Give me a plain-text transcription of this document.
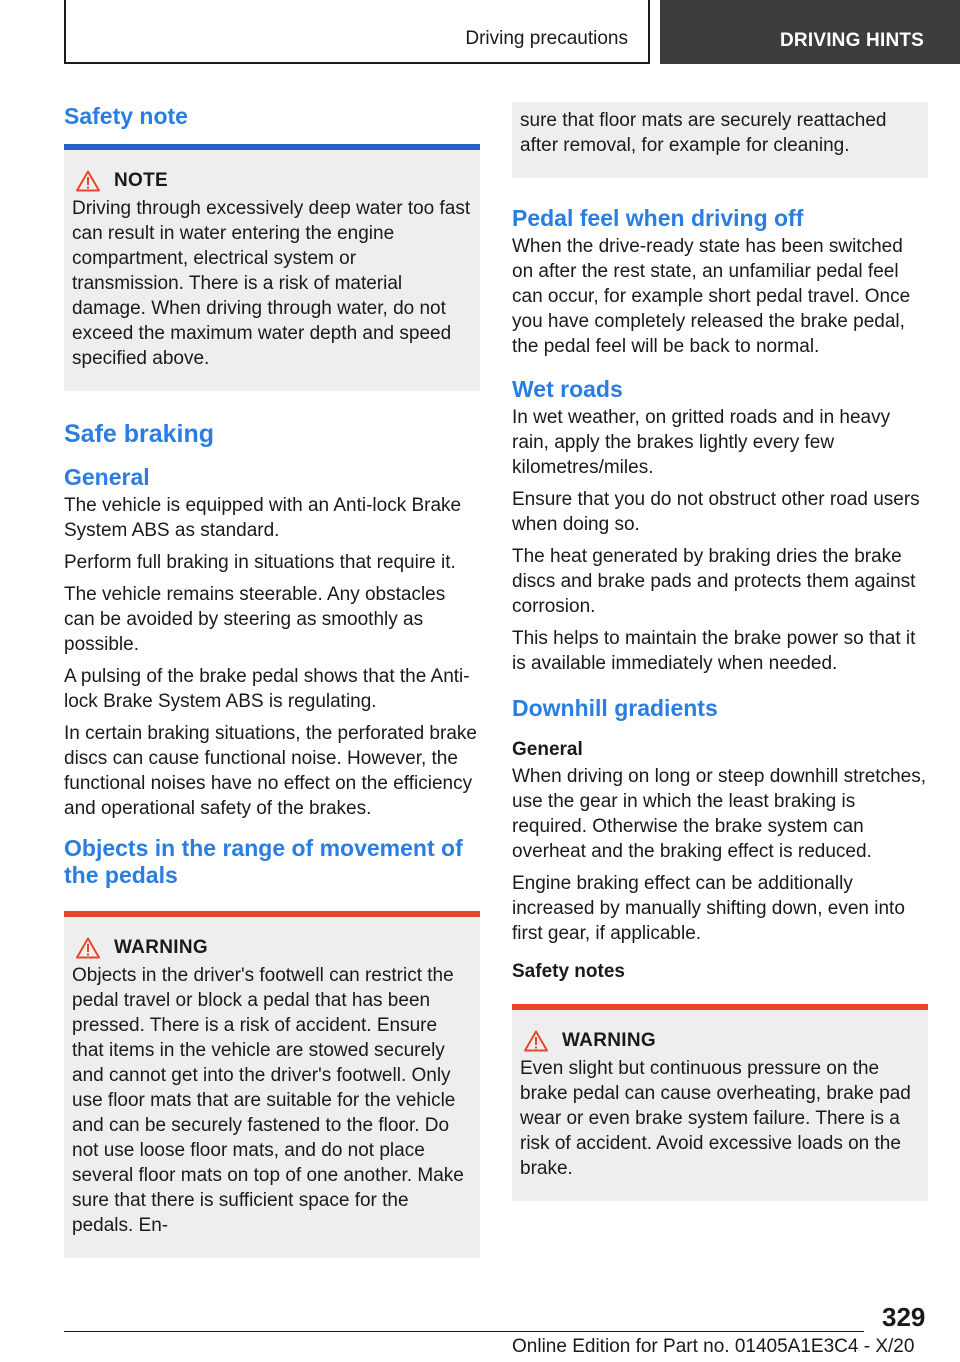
Driving precautions	DRIVING HINTS
Safety note
NOTE

Driving through excessively deep water too fast can result in water entering the engine compartment, electrical system or transmission. There is a risk of material damage. When driving through water, do not exceed the maximum water depth and speed specified above.

Safe braking
General

The vehicle is equipped with an Anti-lock Brake System ABS as standard.

Perform full braking in situations that require it.

The vehicle remains steerable. Any obstacles can be avoided by steering as smoothly as possible.

A pulsing of the brake pedal shows that the Anti-lock Brake System ABS is regulating.

In certain braking situations, the perforated brake discs can cause functional noise. However, the functional noises have no effect on the efficiency and operational safety of the brakes.

Objects in the range of movement of the pedals
WARNING

Objects in the driver's footwell can restrict the pedal travel or block a pedal that has been pressed. There is a risk of accident. Ensure that items in the vehicle are stowed securely and cannot get into the driver's footwell. Only use floor mats that are suitable for the vehicle and can be securely fastened to the floor. Do not use loose floor mats, and do not place several floor mats on top of one another. Make sure that there is sufficient space for the pedals. En-

sure that floor mats are securely reattached after removal, for example for cleaning.

Pedal feel when driving off

When the drive-ready state has been switched on after the rest state, an unfamiliar pedal feel can occur, for example short pedal travel. Once you have completely released the brake pedal, the pedal feel will be back to normal.

Wet roads

In wet weather, on gritted roads and in heavy rain, apply the brakes lightly every few kilometres/miles.

Ensure that you do not obstruct other road users when doing so.

The heat generated by braking dries the brake discs and brake pads and protects them against corrosion.

This helps to maintain the brake power so that it is available immediately when needed.

Downhill gradients
General

When driving on long or steep downhill stretches, use the gear in which the least braking is required. Otherwise the brake system can overheat and the braking effect is reduced.

Engine braking effect can be additionally increased by manually shifting down, even into first gear, if applicable.

Safety notes
WARNING

Even slight but continuous pressure on the brake pedal can cause overheating, brake pad wear or even brake system failure. There is a risk of accident. Avoid excessive loads on the brake.

329
Online Edition for Part no. 01405A1E3C4 - X/20
